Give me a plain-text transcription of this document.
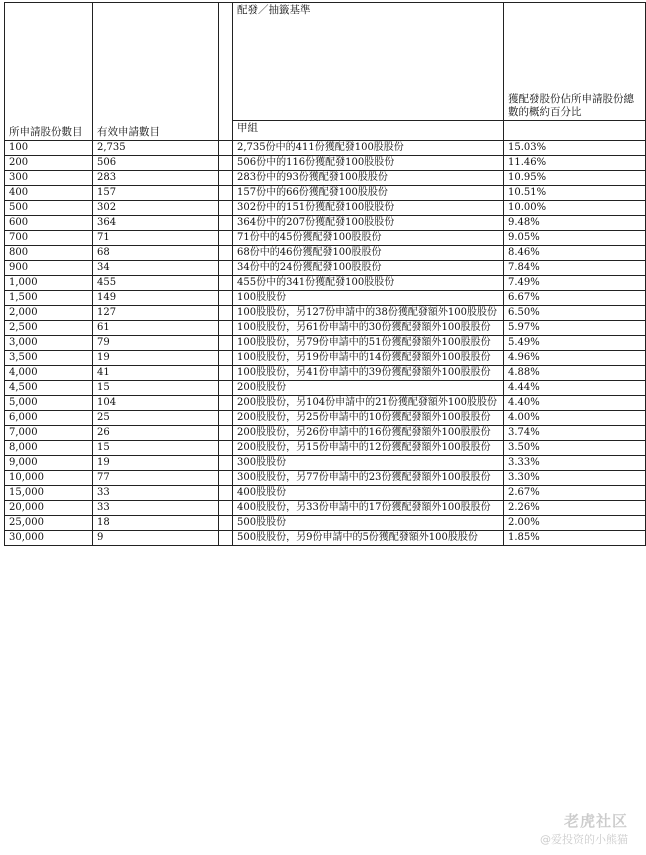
所申請股份數目	有效申請數目		配發／抽籤基準	獲配發股份佔所申請股份總數的概約百分比
			甲組	
100	2,735		2,735份中的411份獲配發100股股份	15.03%
200	506		506份中的116份獲配發100股股份	11.46%
300	283		283份中的93份獲配發100股股份	10.95%
400	157		157份中的66份獲配發100股股份	10.51%
500	302		302份中的151份獲配發100股股份	10.00%
600	364		364份中的207份獲配發100股股份	9.48%
700	71		71份中的45份獲配發100股股份	9.05%
800	68		68份中的46份獲配發100股股份	8.46%
900	34		34份中的24份獲配發100股股份	7.84%
1,000	455		455份中的341份獲配發100股股份	7.49%
1,500	149		100股股份	6.67%
2,000	127		100股股份，另127份申請中的38份獲配發額外100股股份	6.50%
2,500	61		100股股份，另61份申請中的30份獲配發額外100股股份	5.97%
3,000	79		100股股份，另79份申請中的51份獲配發額外100股股份	5.49%
3,500	19		100股股份，另19份申請中的14份獲配發額外100股股份	4.96%
4,000	41		100股股份，另41份申請中的39份獲配發額外100股股份	4.88%
4,500	15		200股股份	4.44%
5,000	104		200股股份，另104份申請中的21份獲配發額外100股股份	4.40%
6,000	25		200股股份，另25份申請中的10份獲配發額外100股股份	4.00%
7,000	26		200股股份，另26份申請中的16份獲配發額外100股股份	3.74%
8,000	15		200股股份，另15份申請中的12份獲配發額外100股股份	3.50%
9,000	19		300股股份	3.33%
10,000	77		300股股份，另77份申請中的23份獲配發額外100股股份	3.30%
15,000	33		400股股份	2.67%
20,000	33		400股股份，另33份申請中的17份獲配發額外100股股份	2.26%
25,000	18		500股股份	2.00%
30,000	9		500股股份，另9份申請中的5份獲配發額外100股股份	1.85%
老虎社区
@爱投资的小熊猫
